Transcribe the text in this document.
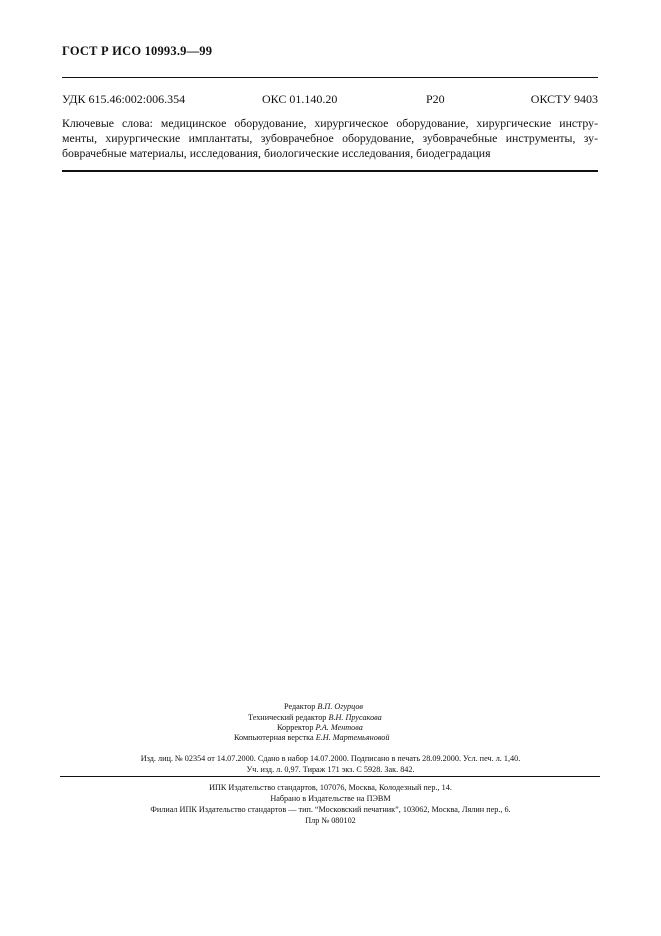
ГОСТ Р ИСО 10993.9—99
УДК 615.46:002:006.354	ОКС 01.140.20	Р20	ОКСТУ 9403
Ключевые слова: медицинское оборудование, хирургическое оборудование, хирургические инстру- менты, хирургические имплантаты, зубоврачебное оборудование, зубоврачебные инструменты, зу- боврачебные материалы, исследования, биологические исследования, биодеградация
Редактор В.П. Огурцов
Технический редактор В.Н. Прусакова
Корректор Р.А. Ментова
Компьютерная верстка Е.Н. Мартемьяновой
Изд. лиц. № 02354 от 14.07.2000. Сдано в набор 14.07.2000. Подписано в печать 28.09.2000. Усл. печ. л. 1,40.
Уч. изд. л. 0,97. Тираж 171 экз. С 5928. Зак. 842.
ИПК Издательство стандартов, 107076, Москва, Колодезный пер., 14.
Набрано в Издательстве на ПЭВМ
Филиал ИПК Издательство стандартов — тип. “Московский печатник”, 103062, Москва, Лялин пер., 6.
Плр № 080102
